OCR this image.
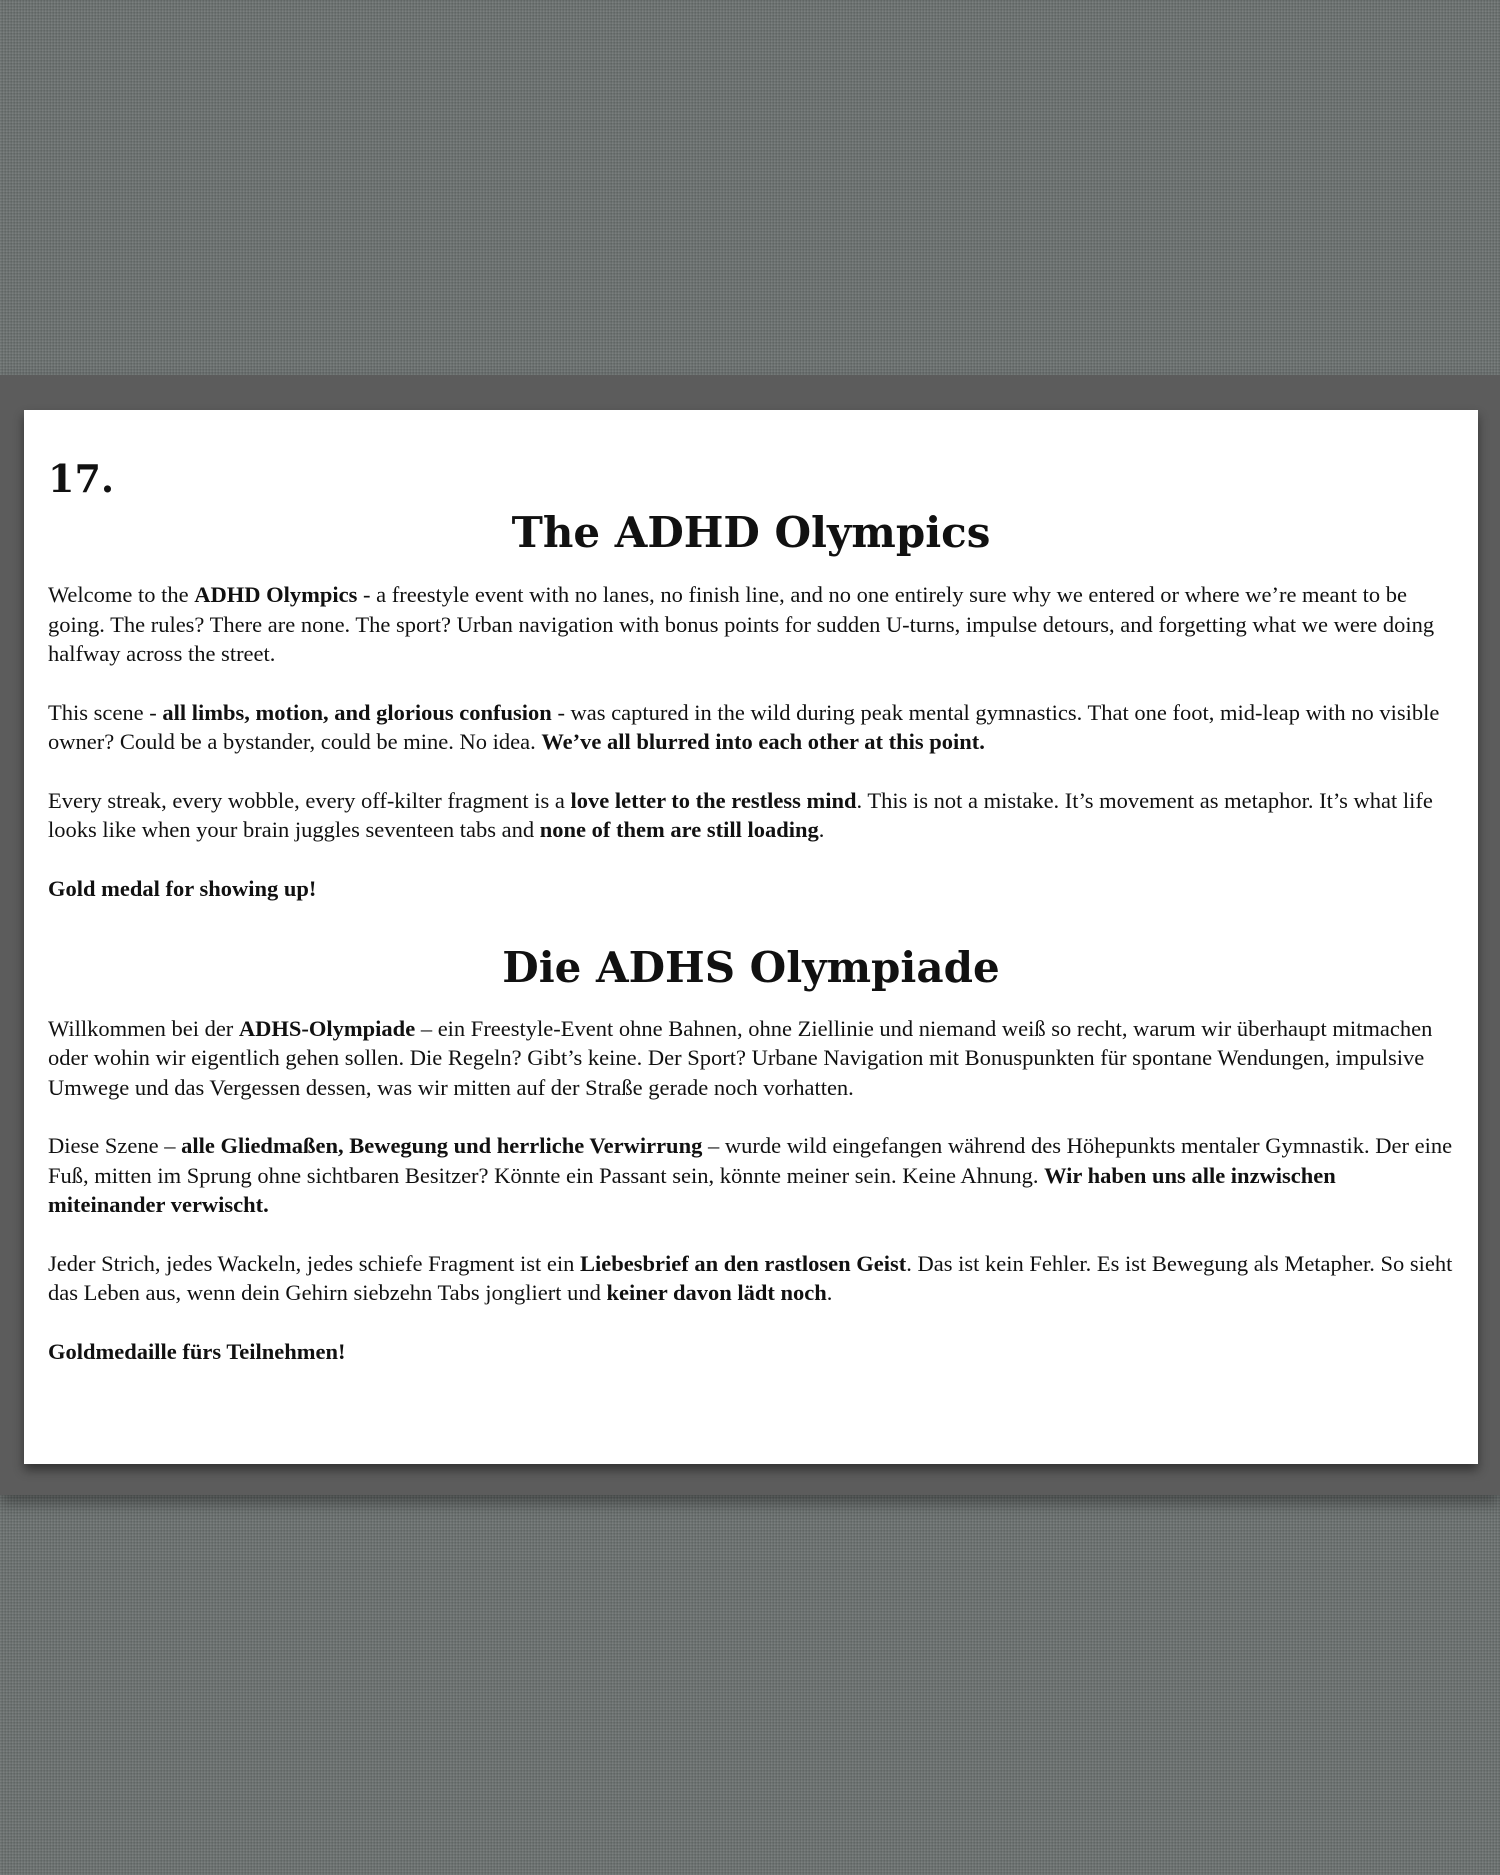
17.
The ADHD Olympics

Welcome to the ADHD Olympics - a freestyle event with no lanes, no finish line, and no one entirely sure why we entered or where we’re meant to be going. The rules? There are none. The sport? Urban navigation with bonus points for sudden U-turns, impulse detours, and forgetting what we were doing halfway across the street.

This scene - all limbs, motion, and glorious confusion - was captured in the wild during peak mental gymnastics. That one foot, mid-leap with no visible owner? Could be a bystander, could be mine. No idea. We’ve all blurred into each other at this point.

Every streak, every wobble, every off-kilter fragment is a love letter to the restless mind. This is not a mistake. It’s movement as metaphor. It’s what life looks like when your brain juggles seventeen tabs and none of them are still loading.

Gold medal for showing up!

Die ADHS Olympiade

Willkommen bei der ADHS-Olympiade – ein Freestyle-Event ohne Bahnen, ohne Ziellinie und niemand weiß so recht, warum wir überhaupt mitmachen oder wohin wir eigentlich gehen sollen. Die Regeln? Gibt’s keine. Der Sport? Urbane Navigation mit Bonuspunkten für spontane Wendungen, impulsive Umwege und das Vergessen dessen, was wir mitten auf der Straße gerade noch vorhatten.

Diese Szene – alle Gliedmaßen, Bewegung und herrliche Verwirrung – wurde wild eingefangen während des Höhepunkts mentaler Gymnastik. Der eine Fuß, mitten im Sprung ohne sichtbaren Besitzer? Könnte ein Passant sein, könnte meiner sein. Keine Ahnung. Wir haben uns alle inzwischen miteinander verwischt.

Jeder Strich, jedes Wackeln, jedes schiefe Fragment ist ein Liebesbrief an den rastlosen Geist. Das ist kein Fehler. Es ist Bewegung als Metapher. So sieht das Leben aus, wenn dein Gehirn siebzehn Tabs jongliert und keiner davon lädt noch.

Goldmedaille fürs Teilnehmen!
